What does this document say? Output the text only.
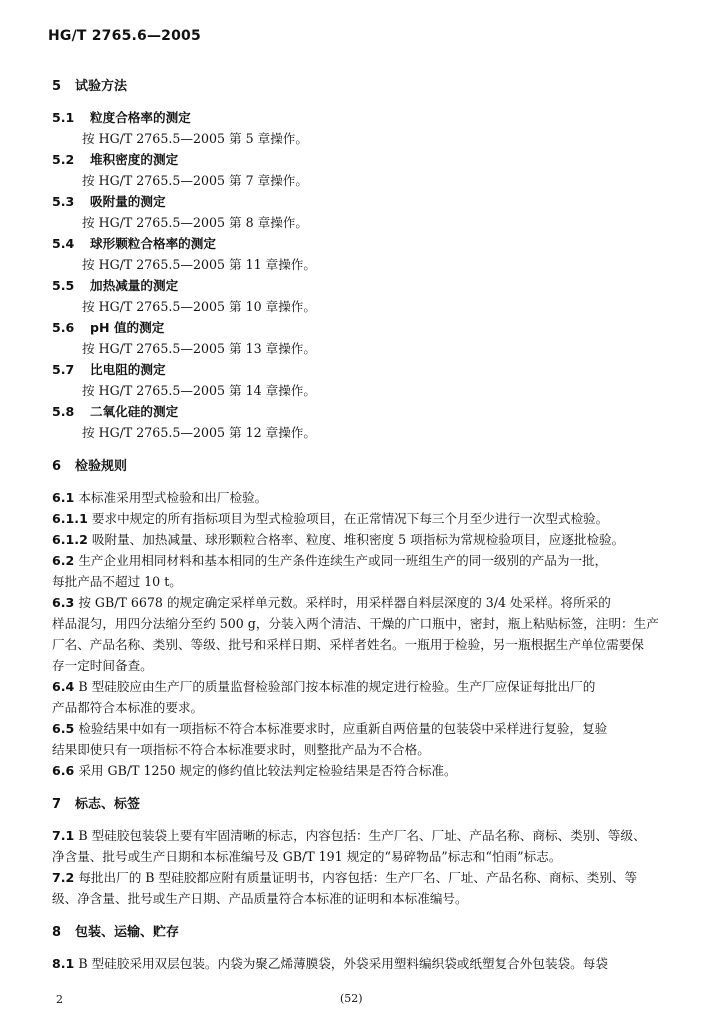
HG/T 2765.6—2005
5 试验方法
5.1	粒度合格率的测定
按 HG/T 2765.5—2005 第 5 章操作。
5.2	堆积密度的测定
按 HG/T 2765.5—2005 第 7 章操作。
5.3	吸附量的测定
按 HG/T 2765.5—2005 第 8 章操作。
5.4	球形颗粒合格率的测定
按 HG/T 2765.5—2005 第 11 章操作。
5.5	加热减量的测定
按 HG/T 2765.5—2005 第 10 章操作。
5.6	pH 值的测定
按 HG/T 2765.5—2005 第 13 章操作。
5.7	比电阻的测定
按 HG/T 2765.5—2005 第 14 章操作。
5.8	二氧化硅的测定
按 HG/T 2765.5—2005 第 12 章操作。
6 检验规则
6.1 本标准采用型式检验和出厂检验。
6.1.1 要求中规定的所有指标项目为型式检验项目，在正常情况下每三个月至少进行一次型式检验。
6.1.2 吸附量、加热减量、球形颗粒合格率、粒度、堆积密度 5 项指标为常规检验项目，应逐批检验。
6.2 生产企业用相同材料和基本相同的生产条件连续生产或同一班组生产的同一级别的产品为一批，
每批产品不超过 10 t。
6.3 按 GB/T 6678 的规定确定采样单元数。采样时，用采样器自料层深度的 3/4 处采样。将所采的
样品混匀，用四分法缩分至约 500 g，分装入两个清洁、干燥的广口瓶中，密封，瓶上粘贴标签，注明：生产
厂名、产品名称、类别、等级、批号和采样日期、采样者姓名。一瓶用于检验，另一瓶根据生产单位需要保
存一定时间备查。
6.4 B 型硅胶应由生产厂的质量监督检验部门按本标准的规定进行检验。生产厂应保证每批出厂的
产品都符合本标准的要求。
6.5 检验结果中如有一项指标不符合本标准要求时，应重新自两倍量的包装袋中采样进行复验，复验
结果即使只有一项指标不符合本标准要求时，则整批产品为不合格。
6.6 采用 GB/T 1250 规定的修约值比较法判定检验结果是否符合标准。
7 标志、标签
7.1 B 型硅胶包装袋上要有牢固清晰的标志，内容包括：生产厂名、厂址、产品名称、商标、类别、等级、
净含量、批号或生产日期和本标准编号及 GB/T 191 规定的“易碎物品”标志和“怕雨”标志。
7.2 每批出厂的 B 型硅胶都应附有质量证明书，内容包括：生产厂名、厂址、产品名称、商标、类别、等
级、净含量、批号或生产日期、产品质量符合本标准的证明和本标准编号。
8 包装、运输、贮存
8.1 B 型硅胶采用双层包装。内袋为聚乙烯薄膜袋，外袋采用塑料编织袋或纸塑复合外包装袋。每袋
2	(52)
